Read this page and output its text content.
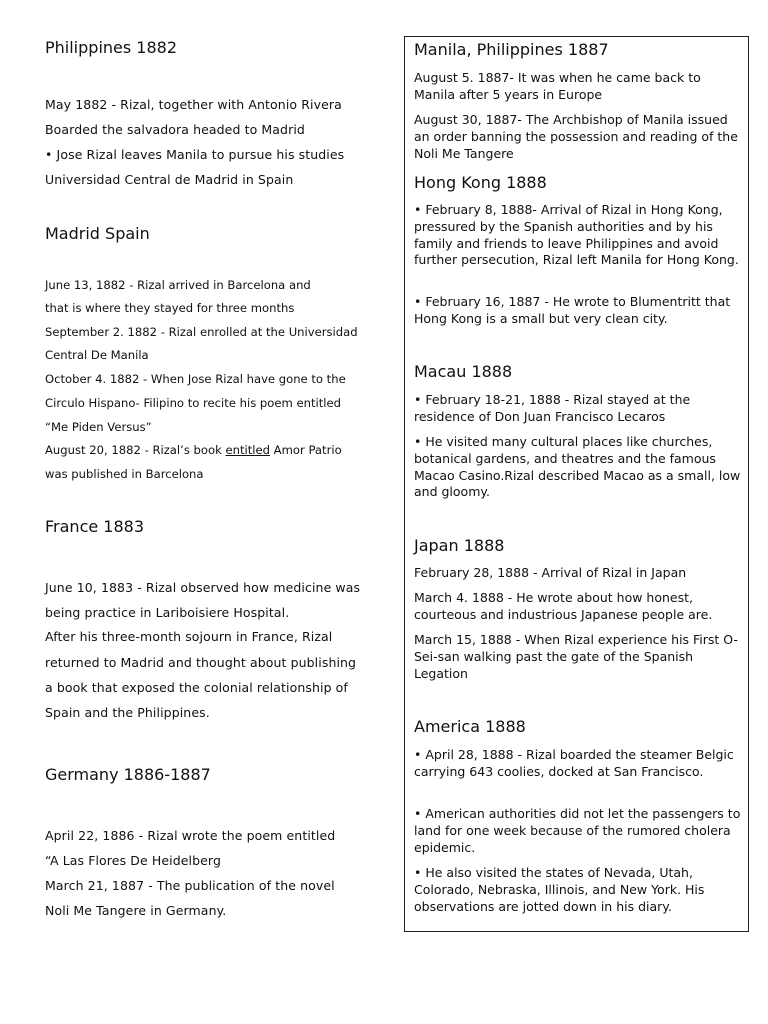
Philippines 1882
May 1882 - Rizal, together with Antonio Rivera
Boarded the salvadora headed to Madrid
• Jose Rizal leaves Manila to pursue his studies
Universidad Central de Madrid in Spain
Madrid Spain
June 13, 1882 - Rizal arrived in Barcelona and
that is where they stayed for three months
September 2. 1882 - Rizal enrolled at the Universidad
Central De Manila
October 4. 1882 - When Jose Rizal have gone to the
Circulo Hispano- Filipino to recite his poem entitled
“Me Piden Versus”
August 20, 1882 - Rizal’s book entitled Amor Patrio
was published in Barcelona
France 1883
June 10, 1883 - Rizal observed how medicine was
being practice in Lariboisiere Hospital.
After his three-month sojourn in France, Rizal
returned to Madrid and thought about publishing
a book that exposed the colonial relationship of
Spain and the Philippines.
Germany 1886-1887
April 22, 1886 - Rizal wrote the poem entitled
“A Las Flores De Heidelberg
March 21, 1887 - The publication of the novel
Noli Me Tangere in Germany.
Manila, Philippines 1887
August 5. 1887- It was when he came back to Manila after 5 years in Europe
August 30, 1887- The Archbishop of Manila issued an order banning the possession and reading of the Noli Me Tangere
Hong Kong 1888
• February 8, 1888- Arrival of Rizal in Hong Kong, pressured by the Spanish authorities and by his family and friends to leave Philippines and avoid further persecution, Rizal left Manila for Hong Kong.
• February 16, 1887 - He wrote to Blumentritt that Hong Kong is a small but very clean city.
Macau 1888
• February 18-21, 1888 - Rizal stayed at the residence of Don Juan Francisco Lecaros
• He visited many cultural places like churches, botanical gardens, and theatres and the famous Macao Casino.Rizal described Macao as a small, low and gloomy.
Japan 1888
February 28, 1888 - Arrival of Rizal in Japan
March 4. 1888 - He wrote about how honest, courteous and industrious Japanese people are.
March 15, 1888 - When Rizal experience his First O-Sei-san walking past the gate of the Spanish Legation
America 1888
• April 28, 1888 - Rizal boarded the steamer Belgic carrying 643 coolies, docked at San Francisco.
• American authorities did not let the passengers to land for one week because of the rumored cholera epidemic.
• He also visited the states of Nevada, Utah, Colorado, Nebraska, Illinois, and New York. His observations are jotted down in his diary.
